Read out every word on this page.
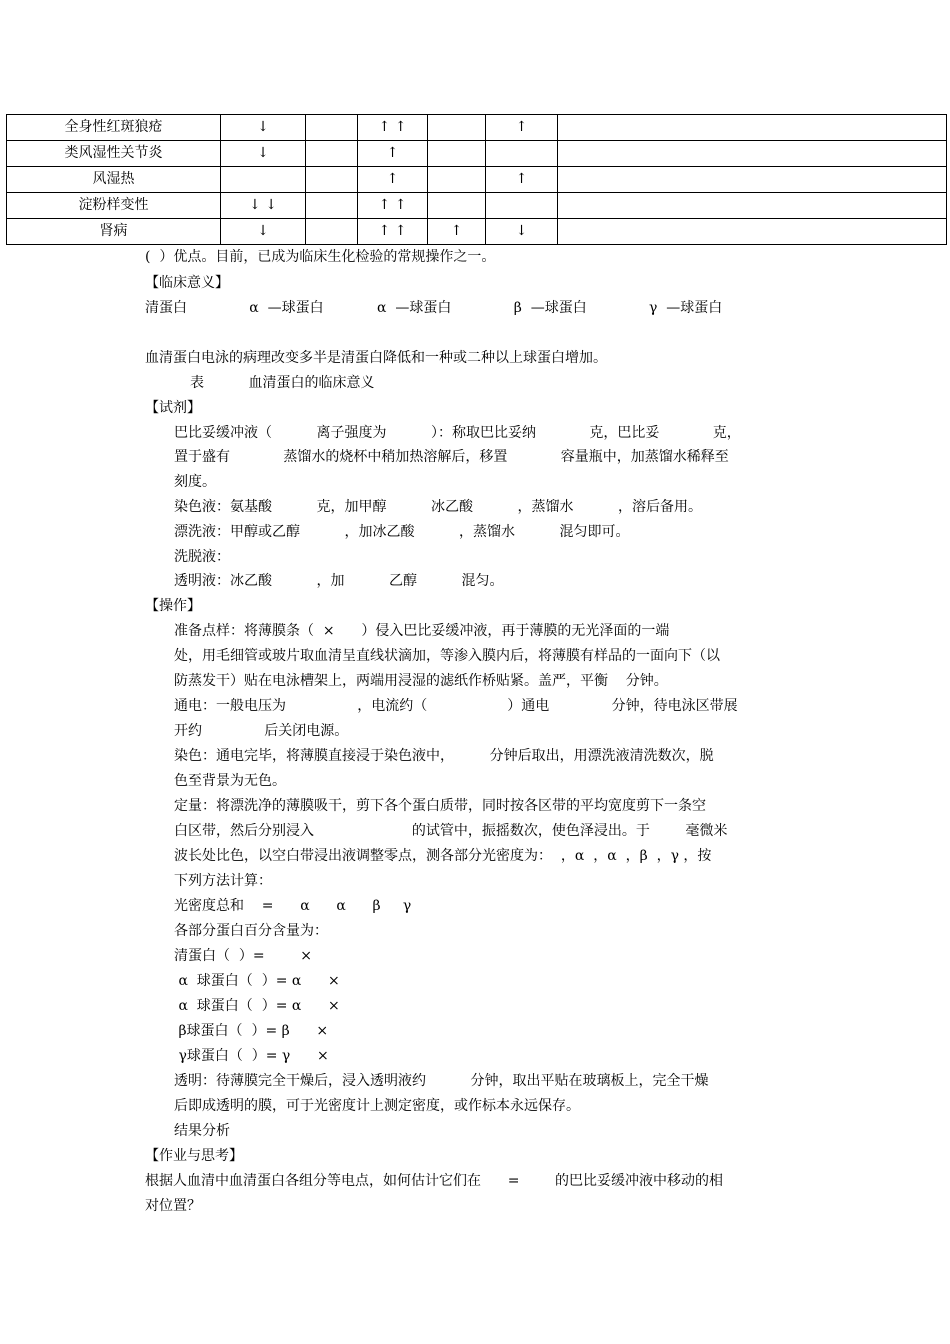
全身性红斑狼疮	↓		↑ ↑		↑	
类风湿性关节炎	↓		↑			
风湿热			↑		↑	
淀粉样变性	↓ ↓		↑ ↑			
肾病	↓		↑ ↑	↑	↓	
(  ）优点。目前，已成为临床生化检验的常规操作之一。
【临床意义】
清蛋白              α  —球蛋白            α  —球蛋白              β  —球蛋白              γ  —球蛋白
血清蛋白电泳的病理改变多半是清蛋白降低和一种或二种以上球蛋白增加。
表          血清蛋白的临床意义
【试剂】
巴比妥缓冲液（          离子强度为          ）：称取巴比妥纳            克，巴比妥            克，
置于盛有            蒸馏水的烧杯中稍加热溶解后，移置            容量瓶中，加蒸馏水稀释至
刻度。
染色液：氨基酸          克，加甲醇          冰乙酸          ，蒸馏水          ，溶后备用。
漂洗液：甲醇或乙醇          ，加冰乙酸          ，蒸馏水          混匀即可。
洗脱液：
透明液：冰乙酸          ，加          乙醇          混匀。
【操作】
准备点样：将薄膜条（  ×      ）侵入巴比妥缓冲液，再于薄膜的无光泽面的一端
处，用毛细管或玻片取血清呈直线状滴加，等渗入膜内后，将薄膜有样品的一面向下（以
防蒸发干）贴在电泳槽架上，两端用浸湿的滤纸作桥贴紧。盖严，平衡    分钟。
通电：一般电压为                ，电流约（                  ）通电              分钟，待电泳区带展
开约              后关闭电源。
染色：通电完毕，将薄膜直接浸于染色液中，        分钟后取出，用漂洗液清洗数次，脱
色至背景为无色。
定量：将漂洗净的薄膜吸干，剪下各个蛋白质带，同时按各区带的平均宽度剪下一条空
白区带，然后分别浸入                      的试管中，振摇数次，使色泽浸出。于        毫微米
波长处比色，以空白带浸出液调整零点，测各部分光密度为：  ，α  ，α  ，β  ，γ ，按
下列方法计算：
光密度总和    =      α      α      β     γ
各部分蛋白百分含量为：
清蛋白（  ）=        ×
α  球蛋白（  ）= α      ×
α  球蛋白（  ）= α      ×
β球蛋白（  ）= β      ×
γ球蛋白（  ）= γ      ×
透明：待薄膜完全干燥后，浸入透明液约          分钟，取出平贴在玻璃板上，完全干燥
后即成透明的膜，可于光密度计上测定密度，或作标本永远保存。
结果分析
【作业与思考】
根据人血清中血清蛋白各组分等电点，如何估计它们在      =        的巴比妥缓冲液中移动的相
对位置？
